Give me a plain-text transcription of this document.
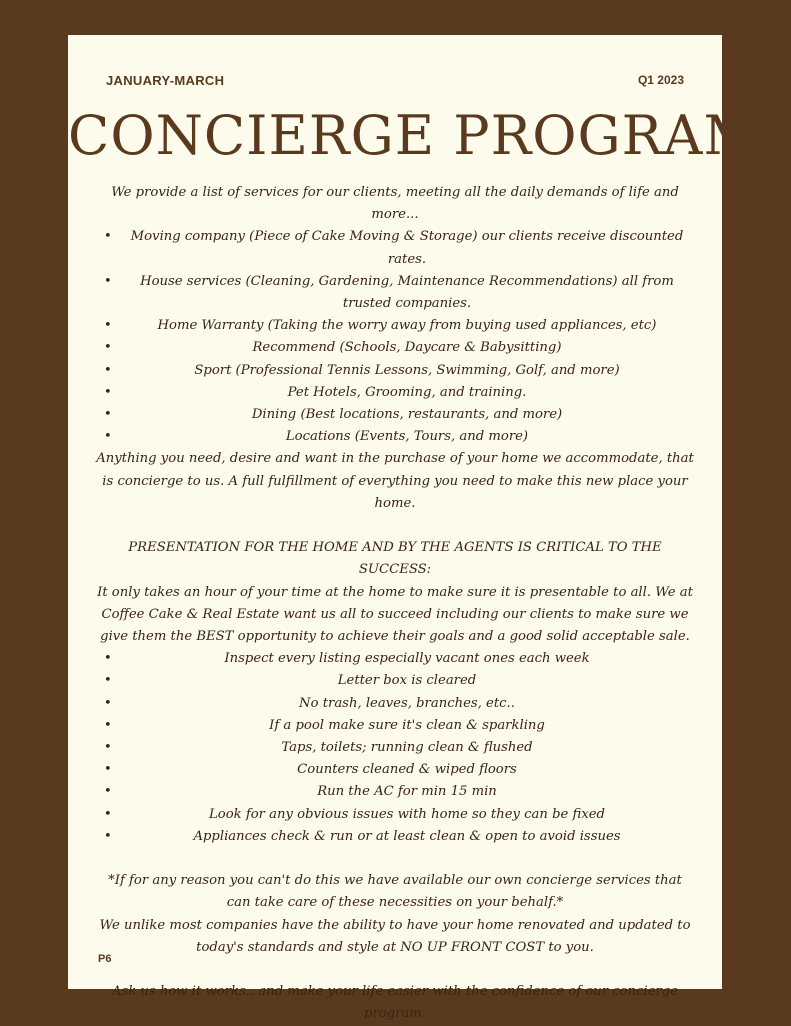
JANUARY-MARCH	Q1 2023
CONCIERGE PROGRAM

We provide a list of services for our clients, meeting all the daily demands of life and more...

• Moving company (Piece of Cake Moving & Storage) our clients receive discounted rates.
• House services (Cleaning, Gardening, Maintenance Recommendations) all from trusted companies.
•	Home Warranty (Taking the worry away from buying used appliances, etc)
•	Recommend (Schools, Daycare & Babysitting)
•	Sport (Professional Tennis Lessons, Swimming, Golf, and more)
•	Pet Hotels, Grooming, and training.
•	Dining (Best locations, restaurants, and more)
•	Locations (Events, Tours, and more)

Anything you need, desire and want in the purchase of your home we accommodate, that is concierge to us. A full fulfillment of everything you need to make this new place your home.

PRESENTATION FOR THE HOME AND BY THE AGENTS IS CRITICAL TO THE SUCCESS:

It only takes an hour of your time at the home to make sure it is presentable to all. We at Coffee Cake & Real Estate want us all to succeed including our clients to make sure we give them the BEST opportunity to achieve their goals and a good solid acceptable sale.

•	Inspect every listing especially vacant ones each week
•	Letter box is cleared
•	No trash, leaves, branches, etc..
•	If a pool make sure it's clean & sparkling
•	Taps, toilets; running clean & flushed
•	Counters cleaned & wiped floors
•	Run the AC for min 15 min
•	Look for any obvious issues with home so they can be fixed
•	Appliances check & run or at least clean & open to avoid issues

*If for any reason you can't do this we have available our own concierge services that can take care of these necessities on your behalf.*

We unlike most companies have the ability to have your home renovated and updated to today's standards and style at NO UP FRONT COST to you.

Ask us how it works.. and make your life easier with the confidence of our concierge program.

P6
